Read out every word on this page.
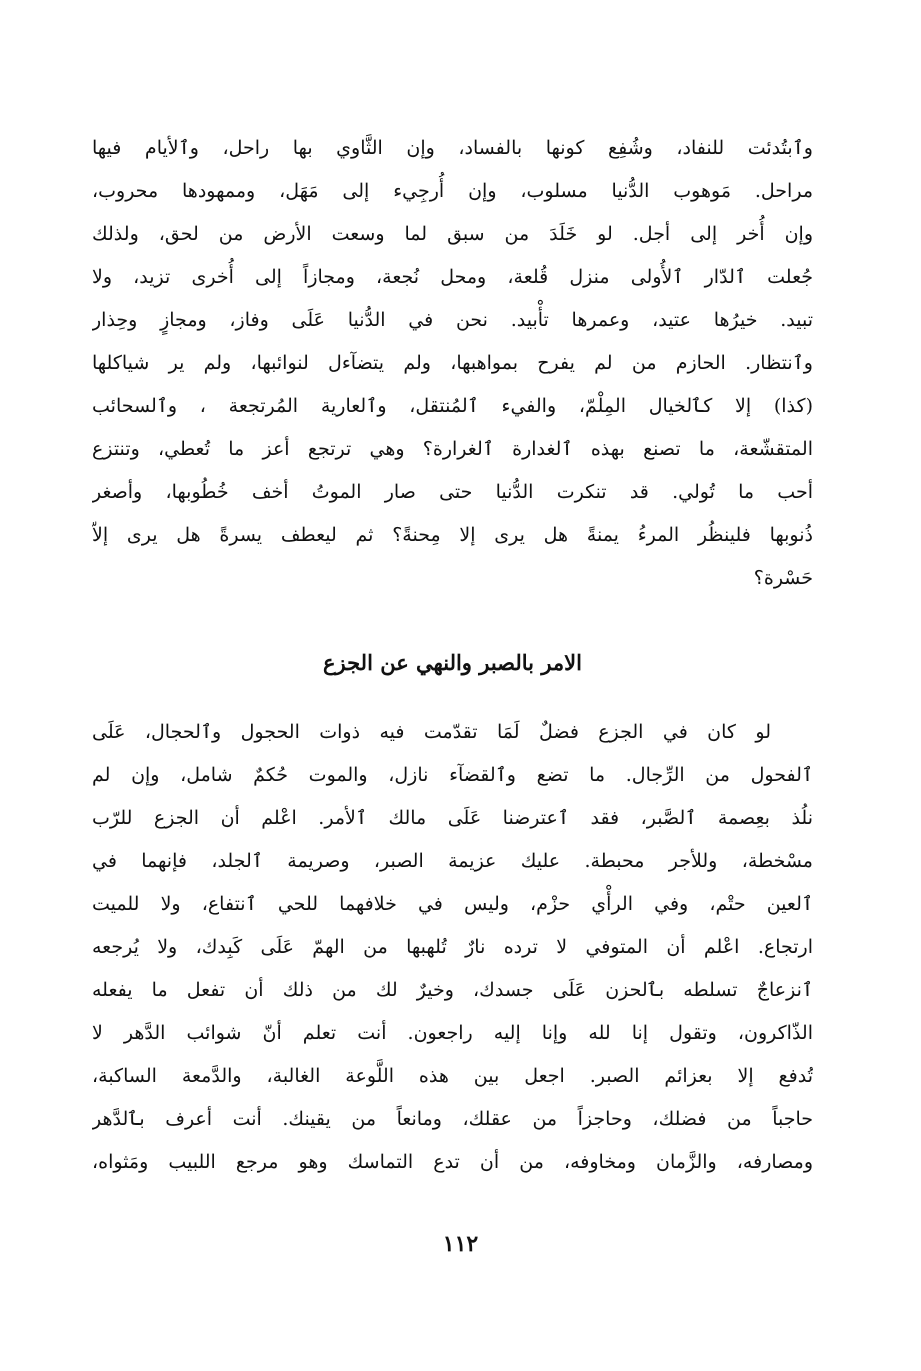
وٱبتُدئت للنفاد، وشُفِع كونها بالفساد، وإن الثَّاوي بها راحل، وٱلأيام فيها
مراحل. مَوهوب الدُّنيا مسلوب، وإن أُرجِيء إلى مَهَل، وممهودها محروب،
وإن أُخر إلى أجل. لو خَلَدَ من سبق لما وسعت الأرض من لحق، ولذلك
جُعلت ٱلدّار ٱلأُولى منزل قُلعة، ومحل نُجعة، ومجازاً إلى أُخرى تزيد، ولا
تبيد. خيرُها عتيد، وعمرها تأْبيد. نحن في الدُّنيا عَلَى وفاز، ومجازٍ وحِذار
وٱنتظار. الحازم من لم يفرح بمواهبها، ولم يتضآءل لنوائبها، ولم ير شياكلها
(كذا) إلا كٱلخيال المِلْمّ، والفيء ٱلمُنتقل، وٱلعارية المُرتجعة ، وٱلسحائب
المتقشّعة، ما تصنع بهذه ٱلغدارة ٱلغرارة؟ وهي ترتجع أعز ما تُعطي، وتنتزع
أحب ما تُولي. قد تنكرت الدُّنيا حتى صار الموتُ أخف خُطُوبها، وأصغر
ذُنوبها فلينظُر المرءُ يمنةً هل يرى إلا مِحنةً؟ ثم ليعطف يسرةً هل يرى إلاّ
حَسْرة؟
الامر بالصبر والنهي عن الجزع
لو كان في الجزع فضلٌ لَمَا تقدّمت فيه ذوات الحجول وٱلحجال، عَلَى
ٱلفحول من الرِّجال. ما تضع وٱلقضآء نازل، والموت حُكمٌ شامل، وإن لم
نلُذ بعِصمة ٱلصَّبر، فقد ٱعترضنا عَلَى مالك ٱلأمر. اعْلم أن الجزع للرّب
مسْخطة، وللأجر محبطة. عليك عزيمة الصبر، وصريمة ٱلجلد، فإنهما في
ٱلعين حتْم، وفي الرأْي حزْم، وليس في خلافهما للحي ٱنتفاع، ولا للميت
ارتجاع. اعْلم أن المتوفي لا ترده نارٌ تُلهبها من الهمّ عَلَى كَبِدك، ولا يُرجعه
ٱنزعاجٌ تسلطه بٱلحزن عَلَى جسدك، وخيرٌ لك من ذلك أن تفعل ما يفعله
الذّاكرون، وتقول إنا لله وإنا إليه راجعون. أنت تعلم أنّ شوائب الدَّهر لا
تُدفع إلا بعزائم الصبر. اجعل بين هذه اللَّوعة الغالبة، والدَّمعة الساكبة،
حاجباً من فضلك، وحاجزاً من عقلك، ومانعاً من يقينك. أنت أعرف بٱلدَّهر
ومصارفه، والزَّمان ومخاوفه، من أن تدع التماسك وهو مرجع اللبيب ومَثواه،
١١٢
